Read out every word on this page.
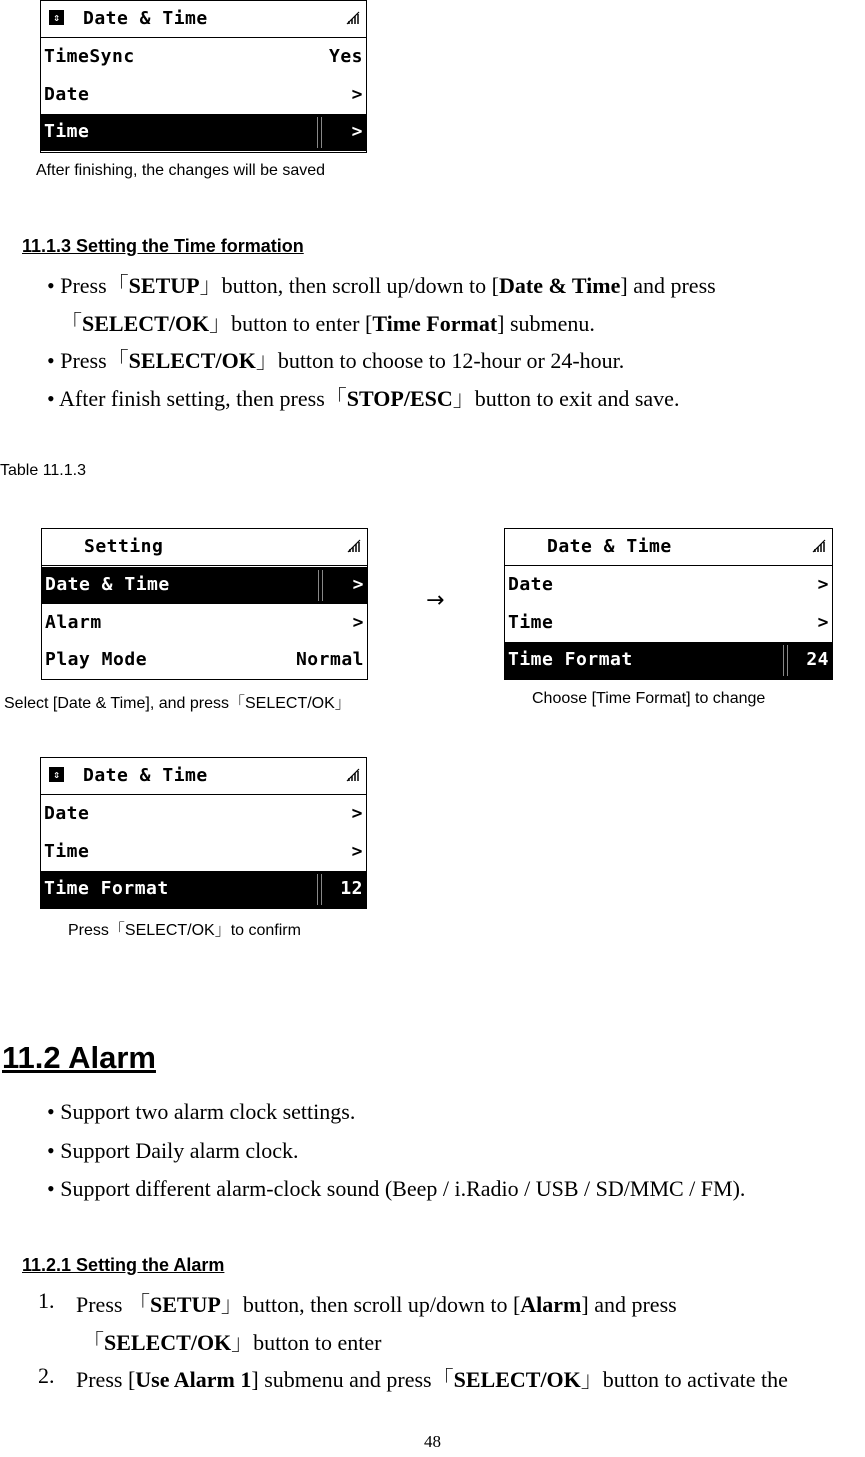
⇕ Date & Time
TimeSync	Yes
Date	>
Time	>
After finishing, the changes will be saved
11.1.3 Setting the Time formation
• Press「SETUP」button, then scroll up/down to [Date & Time] and press
「SELECT/OK」button to enter [Time Format] submenu.
• Press「SELECT/OK」button to choose to 12-hour or 24-hour.
• After finish setting, then press「STOP/ESC」button to exit and save.
Table 11.1.3
Setting
Date & Time	>
Alarm	>
Play Mode	Normal
Select [Date & Time], and press「SELECT/OK」
→
Date & Time
Date	>
Time	>
Time Format	24
Choose [Time Format] to change
⇕ Date & Time
Date	>
Time	>
Time Format	12
Press「SELECT/OK」to confirm
11.2 Alarm
• Support two alarm clock settings.
• Support Daily alarm clock.
• Support different alarm-clock sound (Beep / i.Radio / USB / SD/MMC / FM).
11.2.1 Setting the Alarm
1. Press 「SETUP」button, then scroll up/down to [Alarm] and press
「SELECT/OK」button to enter
2. Press [Use Alarm 1] submenu and press「SELECT/OK」button to activate the
48
